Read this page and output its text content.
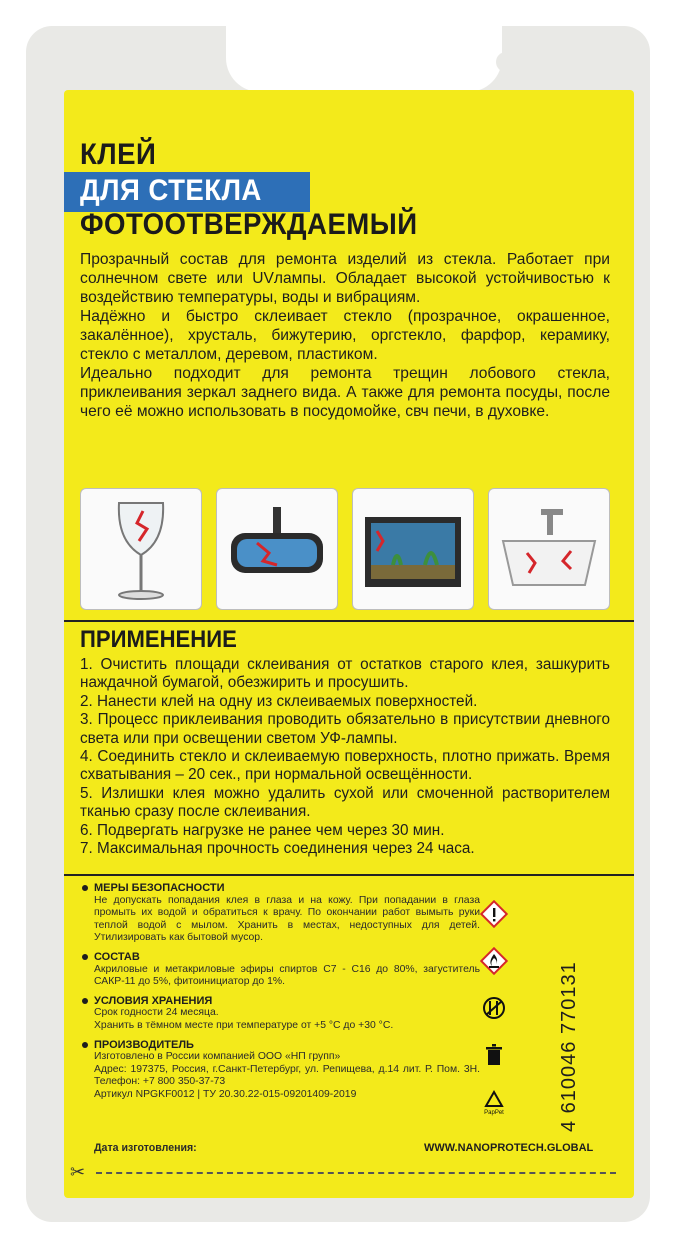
КЛЕЙ
ДЛЯ СТЕКЛА
ФОТООТВЕРЖДАЕМЫЙ

Прозрачный состав для ремонта изделий из стекла. Работает при солнечном свете или UVлампы. Обладает высокой устойчивостью к воздействию температуры, воды и вибрациям.

Надёжно и быстро склеивает стекло (прозрачное, окрашенное, закалённое), хрусталь, бижутерию, оргстекло, фарфор, керамику, стекло с металлом, деревом, пластиком.

Идеально подходит для ремонта трещин лобового стекла, приклеивания зеркал заднего вида. А также для ремонта посуды, после чего её можно использовать в посудомойке, свч печи, в духовке.

ПРИМЕНЕНИЕ

1. Очистить площади склеивания от остатков старого клея, зашкурить наждачной бумагой, обезжирить и просушить.

2. Нанести клей на одну из склеиваемых поверхностей.

3. Процесс приклеивания проводить обязательно в присутствии дневного света или при освещении светом УФ-лампы.

4. Соединить стекло и склеиваемую поверхность, плотно прижать. Время схватывания – 20 сек., при нормальной освещённости.

5. Излишки клея можно удалить сухой или смоченной растворителем тканью сразу после склеивания.

6. Подвергать нагрузке не ранее чем через 30 мин.

7. Максимальная прочность соединения через 24 часа.

МЕРЫ БЕЗОПАСНОСТИ
Не допускать попадания клея в глаза и на кожу. При попадании в глаза промыть их водой и обратиться к врачу. По окончании работ вымыть руки теплой водой с мылом. Хранить в местах, недоступных для детей. Утилизировать как бытовой мусор.
СОСТАВ
Акриловые и метакриловые эфиры спиртов С7 - С16 до 80%, загуститель САКР-11 до 5%, фитоинициатор до 1%.
УСЛОВИЯ ХРАНЕНИЯ
Срок годности 24 месяца.
Хранить в тёмном месте при температуре от +5 °С до +30 °С.
ПРОИЗВОДИТЕЛЬ
Изготовлено в России компанией ООО «НП групп»
Адрес: 197375, Россия, г.Санкт-Петербург, ул. Репищева, д.14 лит. Р. Пом. 3Н. Телефон: +7 800 350-37-73
Артикул NPGKF0012 | ТУ 20.30.22-015-09201409-2019

PapPet	4 610046 770131
Дата изготовления:	WWW.NANOPROTECH.GLOBAL
✂
